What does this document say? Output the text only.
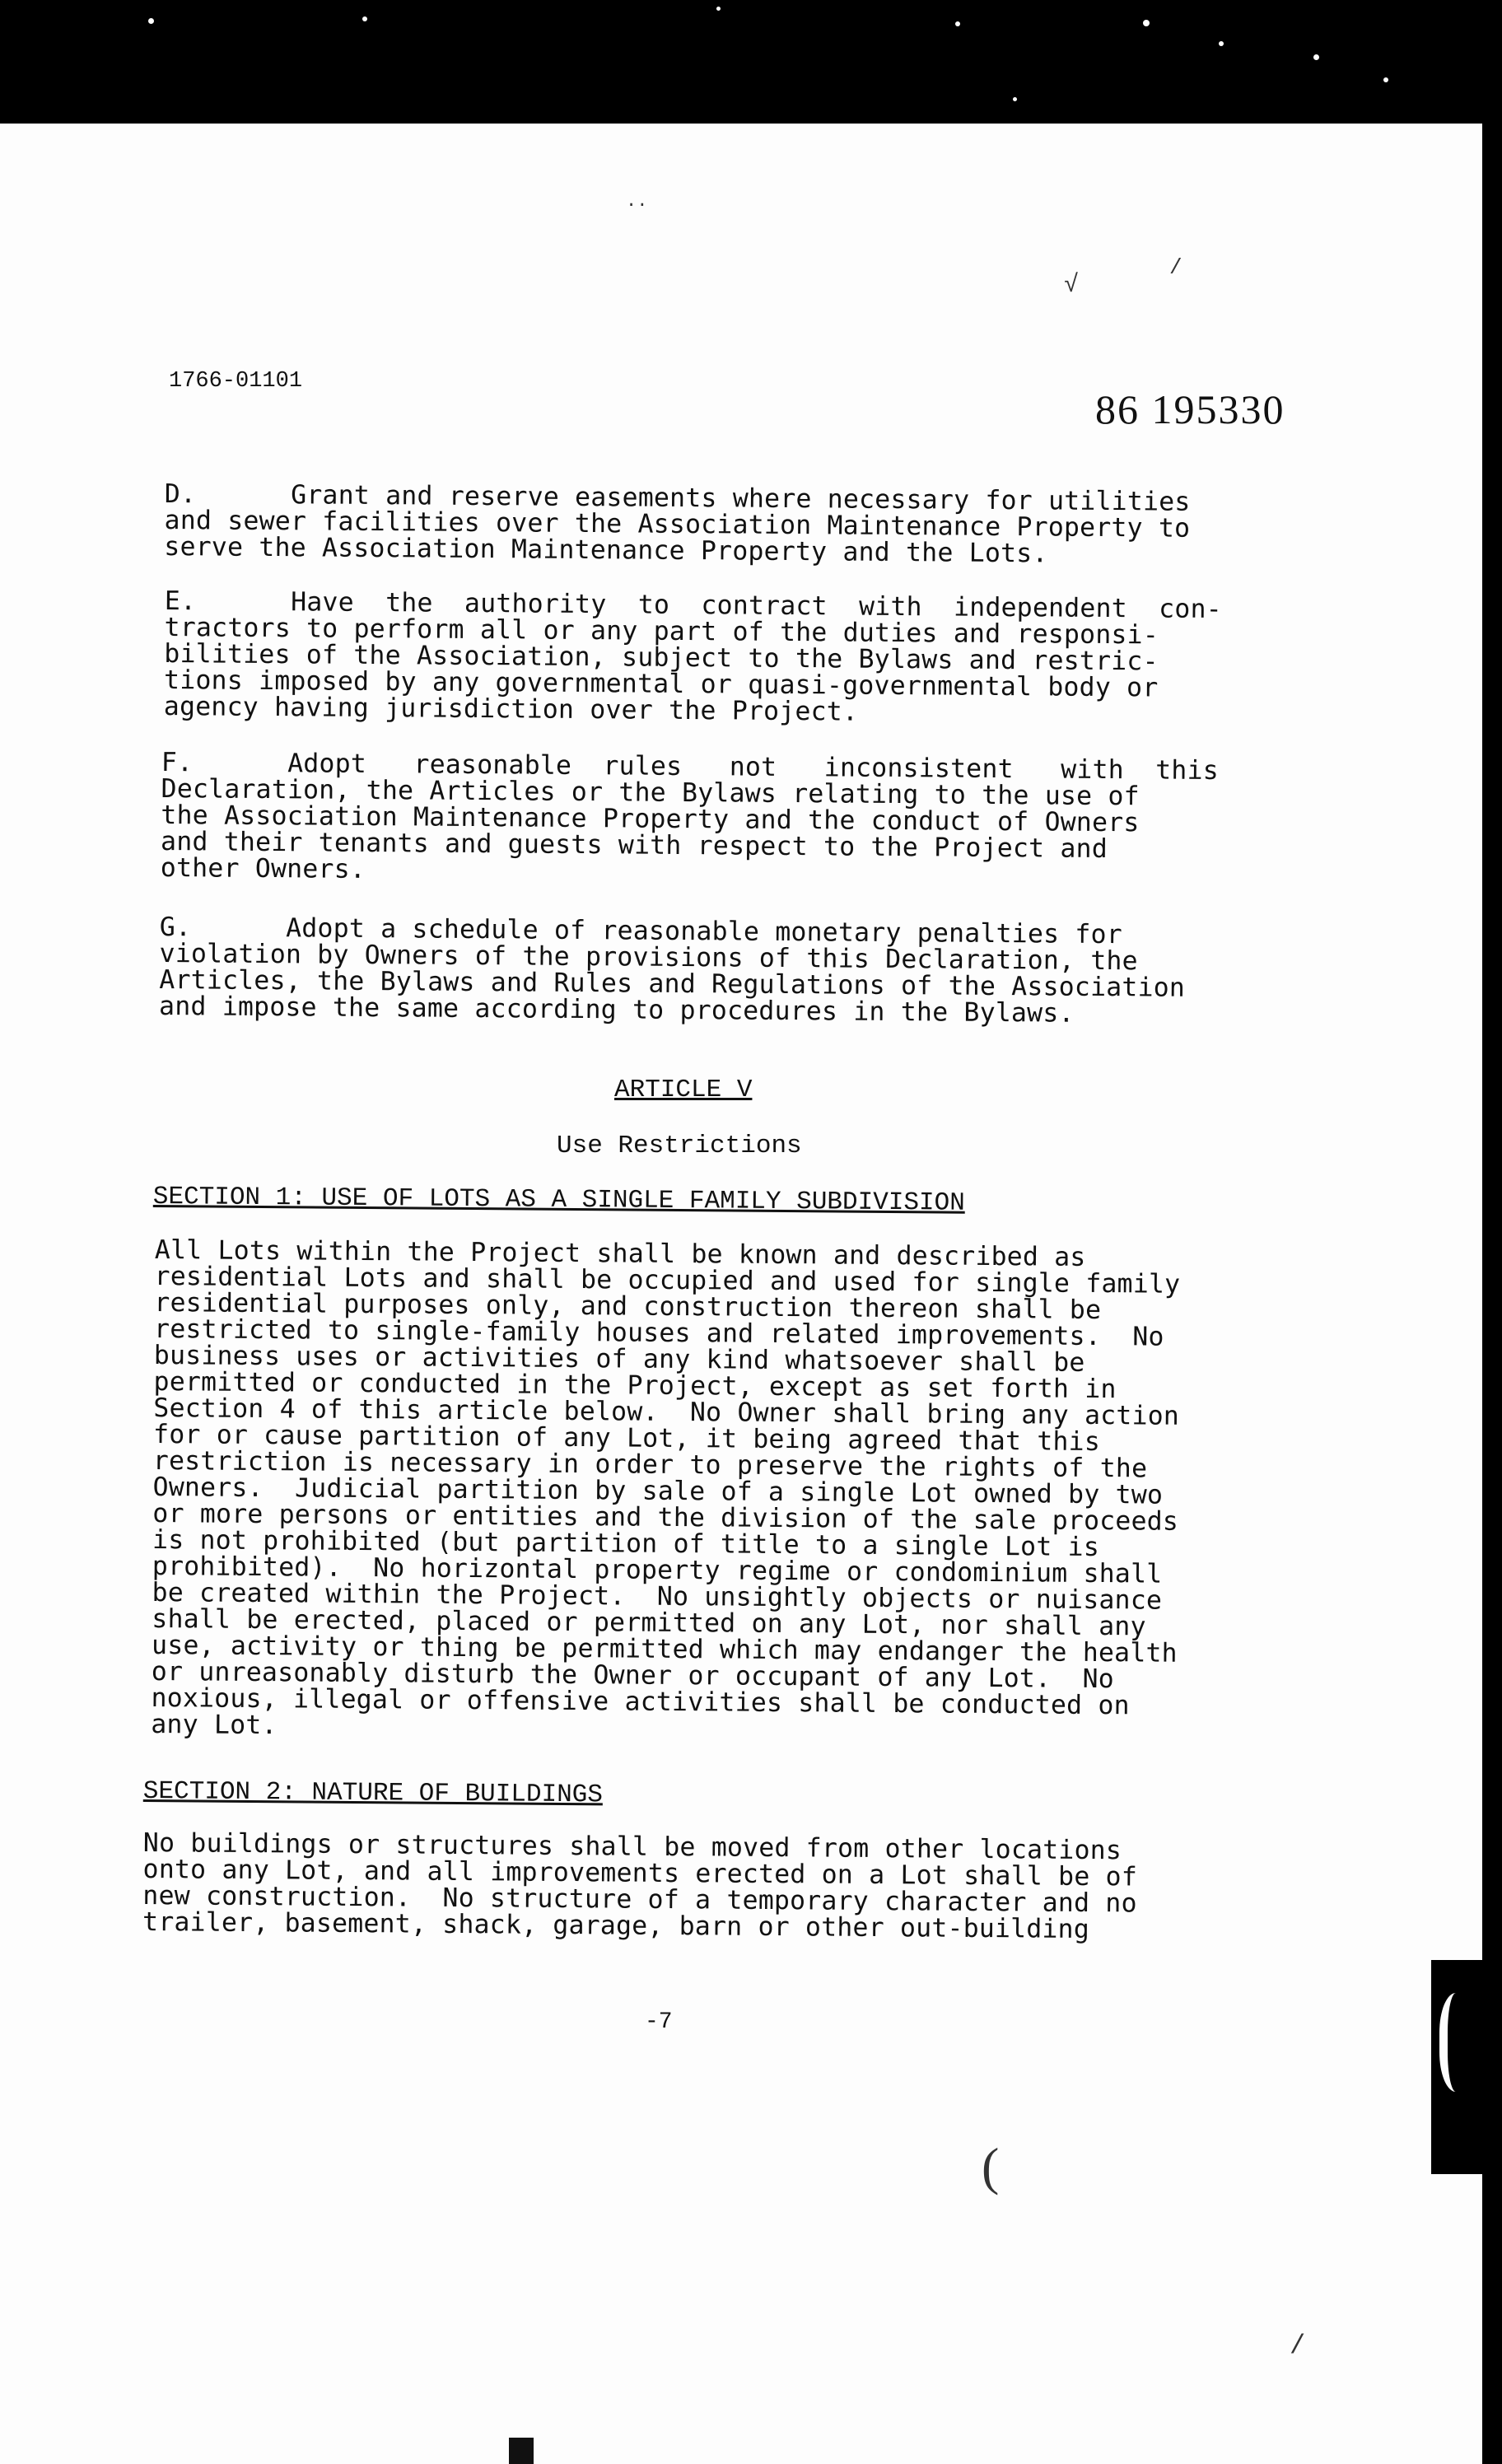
1766-01101
86 195330
..
√
/
D.      Grant and reserve easements where necessary for utilities
and sewer facilities over the Association Maintenance Property to
serve the Association Maintenance Property and the Lots.
E.      Have  the  authority  to  contract  with  independent  con-
tractors to perform all or any part of the duties and responsi-
bilities of the Association, subject to the Bylaws and restric-
tions imposed by any governmental or quasi-governmental body or
agency having jurisdiction over the Project.
F.      Adopt   reasonable  rules   not   inconsistent   with  this
Declaration, the Articles or the Bylaws relating to the use of
the Association Maintenance Property and the conduct of Owners
and their tenants and guests with respect to the Project and
other Owners.
G.      Adopt a schedule of reasonable monetary penalties for
violation by Owners of the provisions of this Declaration, the
Articles, the Bylaws and Rules and Regulations of the Association
and impose the same according to procedures in the Bylaws.
ARTICLE V
Use Restrictions
SECTION 1: USE OF LOTS AS A SINGLE FAMILY SUBDIVISION
All Lots within the Project shall be known and described as
residential Lots and shall be occupied and used for single family
residential purposes only, and construction thereon shall be
restricted to single-family houses and related improvements.  No
business uses or activities of any kind whatsoever shall be
permitted or conducted in the Project, except as set forth in
Section 4 of this article below.  No Owner shall bring any action
for or cause partition of any Lot, it being agreed that this
restriction is necessary in order to preserve the rights of the
Owners.  Judicial partition by sale of a single Lot owned by two
or more persons or entities and the division of the sale proceeds
is not prohibited (but partition of title to a single Lot is
prohibited).  No horizontal property regime or condominium shall
be created within the Project.  No unsightly objects or nuisance
shall be erected, placed or permitted on any Lot, nor shall any
use, activity or thing be permitted which may endanger the health
or unreasonably disturb the Owner or occupant of any Lot.  No
noxious, illegal or offensive activities shall be conducted on
any Lot.
SECTION 2: NATURE OF BUILDINGS
No buildings or structures shall be moved from other locations
onto any Lot, and all improvements erected on a Lot shall be of
new construction.  No structure of a temporary character and no
trailer, basement, shack, garage, barn or other out-building
-7
(
/
